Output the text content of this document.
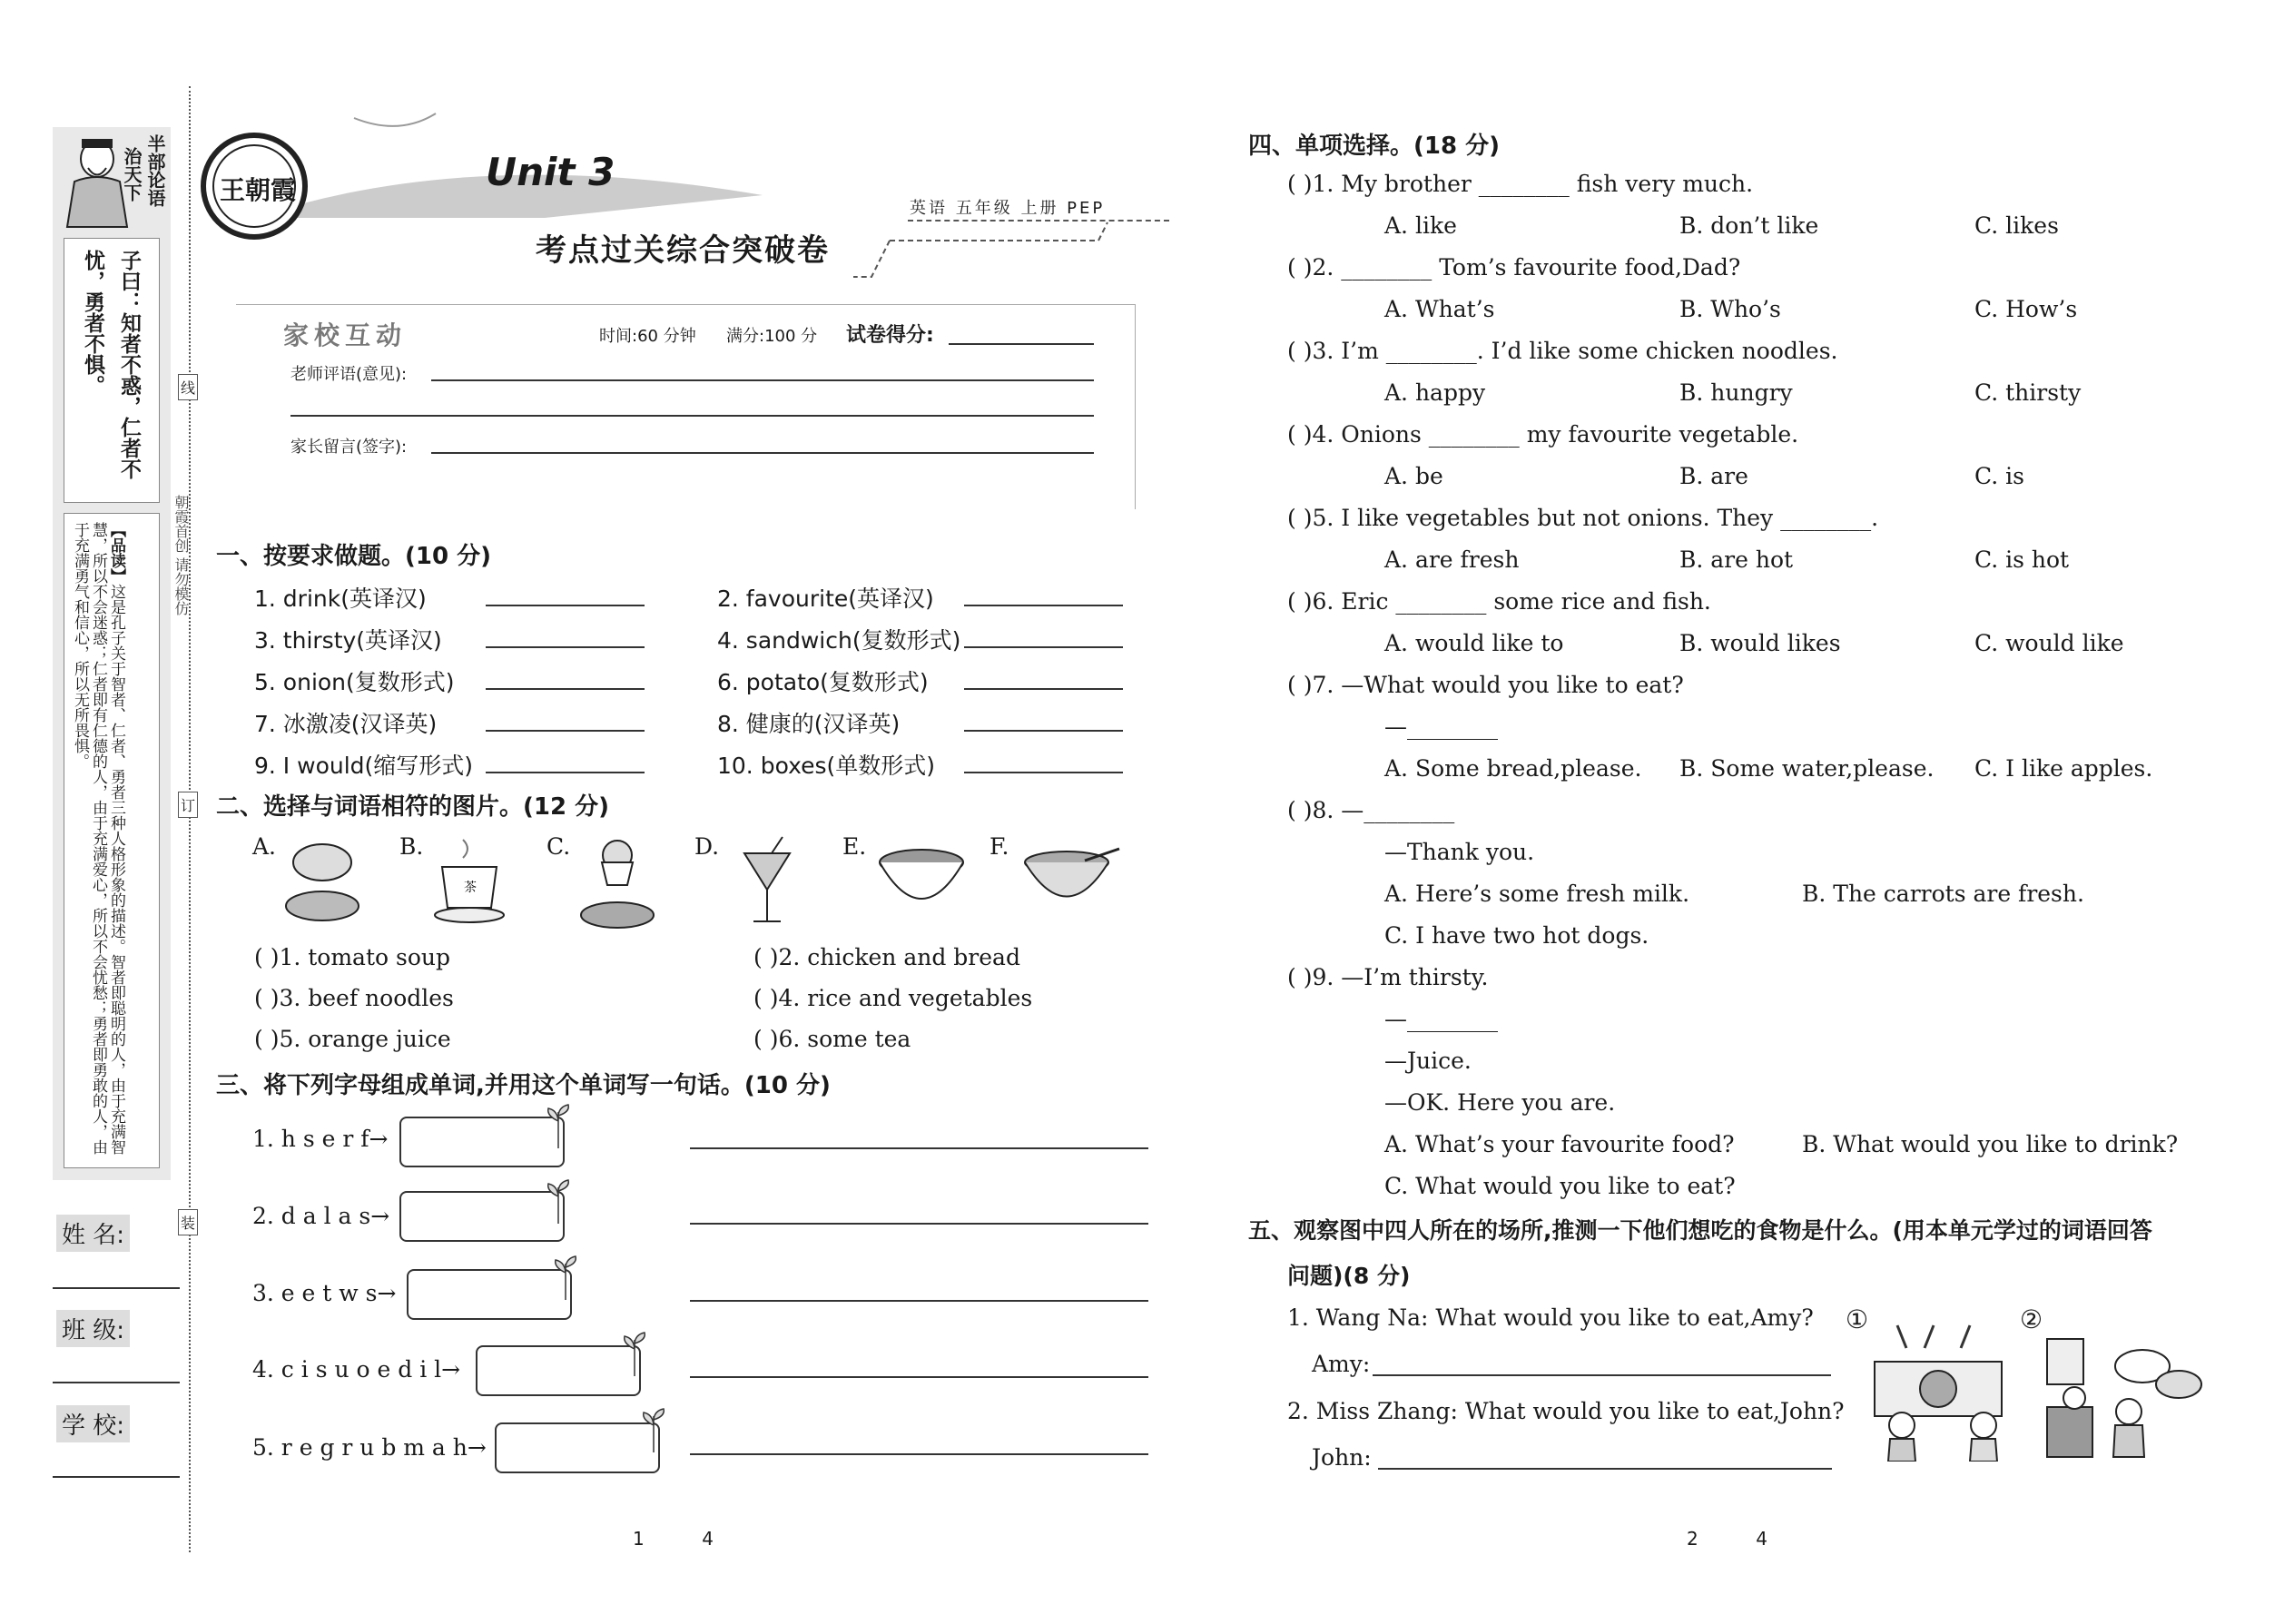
半部论语
治天下
子曰：知者不惑，仁者不忧，勇者不惧。
【品读】这是孔子关于智者、仁者、勇者三种人格形象的描述。智者即聪明的人，由于充满智慧，所以不会迷惑；仁者即有仁德的人，由于充满爱心，所以不会忧愁；勇者即勇敢的人，由于充满勇气和信心，所以无所畏惧。
线
订
装
朝霞首创 请勿模仿
姓 名:
班 级:
学 校:
王朝霞	Unit 3
考点过关综合突破卷
英语 五年级 上册 PEP
家校互动	时间:60 分钟 满分:100 分 试卷得分:
老师评语(意见):
家长留言(签字):
一、按要求做题。(10 分)
1. drink(英译汉)	2. favourite(英译汉)
3. thirsty(英译汉)	4. sandwich(复数形式)
5. onion(复数形式)	6. potato(复数形式)
7. 冰激凌(汉译英)	8. 健康的(汉译英)
9. I would(缩写形式)	10. boxes(单数形式)
二、选择与词语相符的图片。(12 分)
A.	B.
茶
C.	D.	E.	F.
( )1. tomato soup	( )2. chicken and bread
( )3. beef noodles	( )4. rice and vegetables
( )5. orange juice	( )6. some tea
三、将下列字母组成单词,并用这个单词写一句话。(10 分)
1. h s e r f→
2. d a l a s→
3. e e t w s→
4. c i s u o e d i l→
5. r e g r u b m a h→
1          4
四、单项选择。(18 分)
( )1. My brother ________ fish very much.
A. like	B. don’t like	C. likes
( )2. ________ Tom’s favourite food,Dad?
A. What’s	B. Who’s	C. How’s
( )3. I’m ________. I’d like some chicken noodles.
A. happy	B. hungry	C. thirsty
( )4. Onions ________ my favourite vegetable.
A. be	B. are	C. is
( )5. I like vegetables but not onions. They ________.
A. are fresh	B. are hot	C. is hot
( )6. Eric ________ some rice and fish.
A. would like to	B. would likes	C. would like
( )7. —What would you like to eat?
—________
A. Some bread,please. B. Some water,please. C. I like apples.
( )8. —________
—Thank you.
A. Here’s some fresh milk.	B. The carrots are fresh.
C. I have two hot dogs.
( )9. —I’m thirsty.
—________
—Juice.
—OK. Here you are.
A. What’s your favourite food?	B. What would you like to drink?
C. What would you like to eat?
五、观察图中四人所在的场所,推测一下他们想吃的食物是什么。(用本单元学过的词语回答
问题)(8 分)
1. Wang Na: What would you like to eat,Amy?
Amy:
2. Miss Zhang: What would you like to eat,John?
John:
①	②
2          4
